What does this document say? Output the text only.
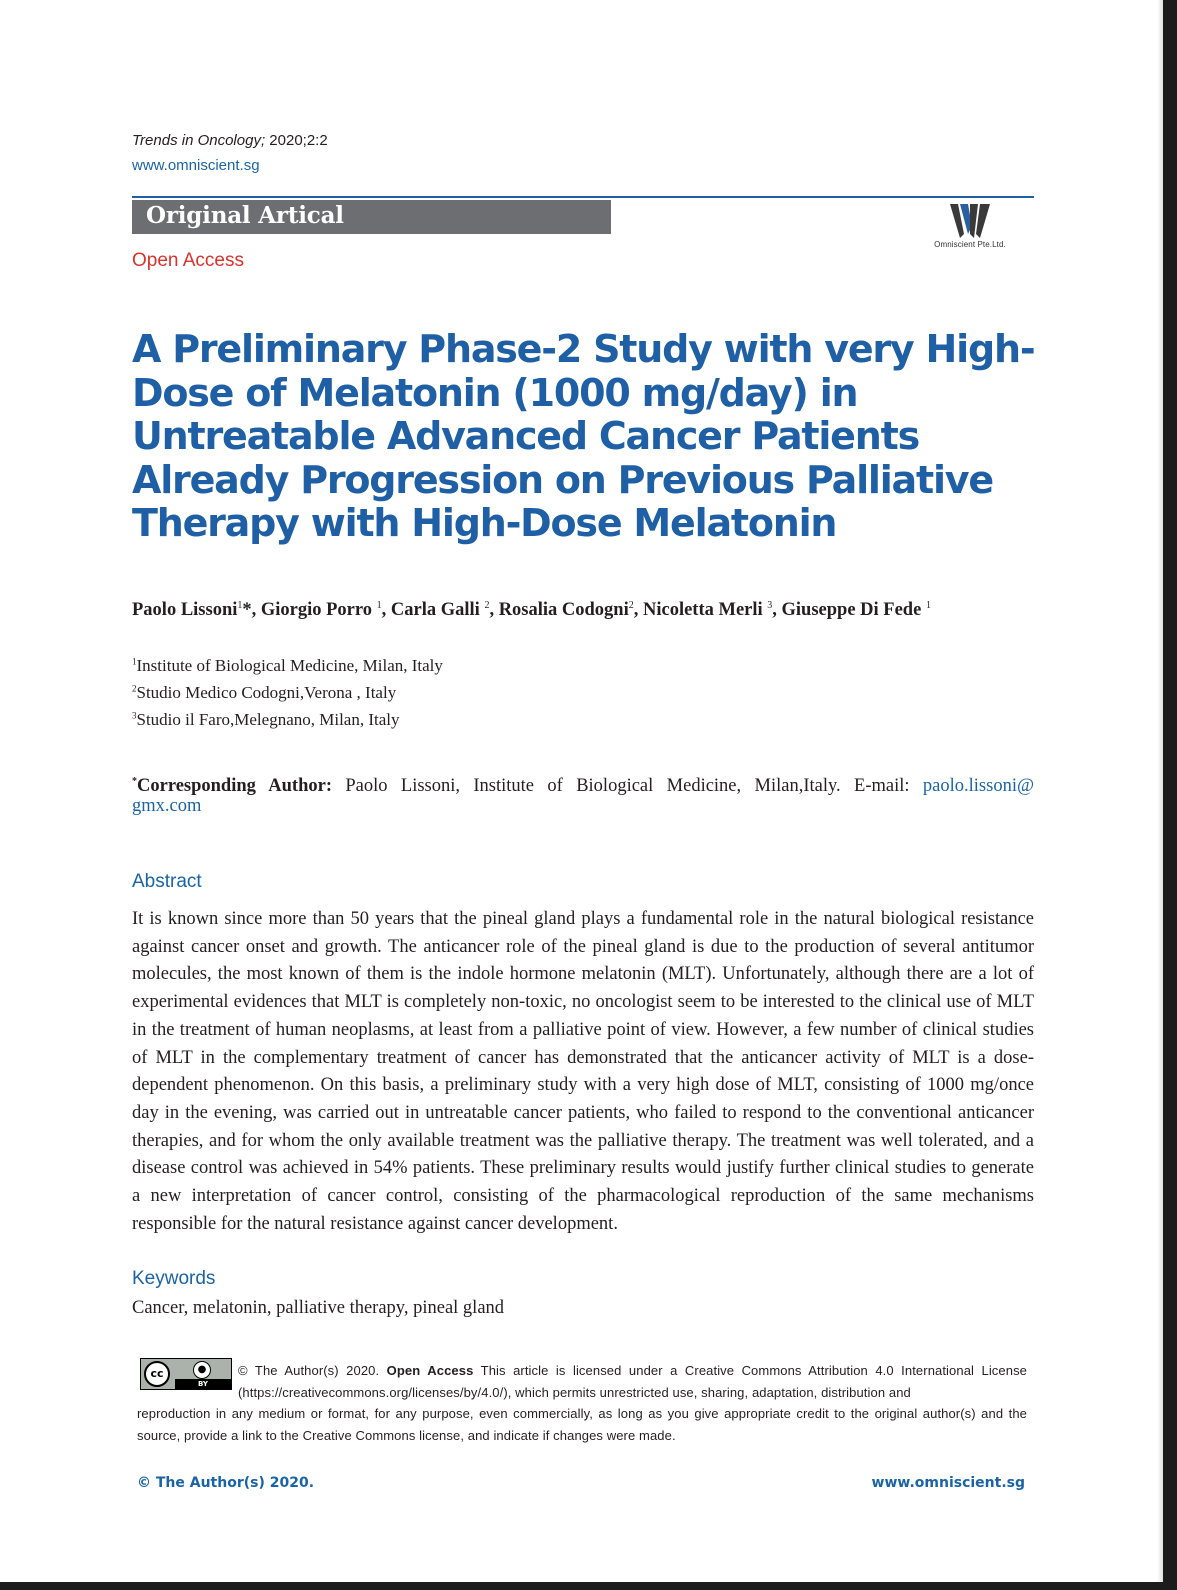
Trends in Oncology; 2020;2:2
www.omniscient.sg
Original Artical
Open Access
Omniscient Pte.Ltd.
A Preliminary Phase-2 Study with very High-Dose of Melatonin (1000 mg/day) in Untreatable Advanced Cancer Patients Already Progression on Previous Palliative Therapy with High-Dose Melatonin
Paolo Lissoni$^1$*, Giorgio Porro $^1$, Carla Galli $^2$, Rosalia Codogni$^2$, Nicoletta Merli $^3$, Giuseppe Di Fede $^1$
$^1$Institute of Biological Medicine, Milan, Italy
$^2$Studio Medico Codogni,Verona , Italy
$^3$Studio il Faro,Melegnano, Milan, Italy
*Corresponding Author: Paolo Lissoni, Institute of Biological Medicine, Milan,Italy. E-mail: paolo.lissoni@
gmx.com
Abstract

It is known since more than 50 years that the pineal gland plays a fundamental role in the natural biological resistance against cancer onset and growth. The anticancer role of the pineal gland is due to the production of several antitumor molecules, the most known of them is the indole hormone melatonin (MLT). Unfortunately, although there are a lot of experimental evidences that MLT is completely non-toxic, no oncologist seem to be interested to the clinical use of MLT in the treatment of human neoplasms, at least from a palliative point of view. However, a few number of clinical studies of MLT in the complementary treatment of cancer has demonstrated that the anticancer activity of MLT is a dose-dependent phenomenon. On this basis, a preliminary study with a very high dose of MLT, consisting of 1000 mg/once day in the evening, was carried out in untreatable cancer patients, who failed to respond to the conventional anticancer therapies, and for whom the only available treatment was the palliative therapy. The treatment was well tolerated, and a disease control was achieved in 54% patients. These preliminary results would justify further clinical studies to generate a new interpretation of cancer control, consisting of the pharmacological reproduction of the same mechanisms responsible for the natural resistance against cancer development.

Keywords
Cancer, melatonin, palliative therapy, pineal gland
cc	●
BY
© The Author(s) 2020. Open Access This article is licensed under a Creative Commons Attribution 4.0 International License (https://creativecommons.org/licenses/by/4.0/), which permits unrestricted use, sharing, adaptation, distribution and
reproduction in any medium or format, for any purpose, even commercially, as long as you give appropriate credit to the original author(s) and the source, provide a link to the Creative Commons license, and indicate if changes were made.
© The Author(s) 2020.	www.omniscient.sg
